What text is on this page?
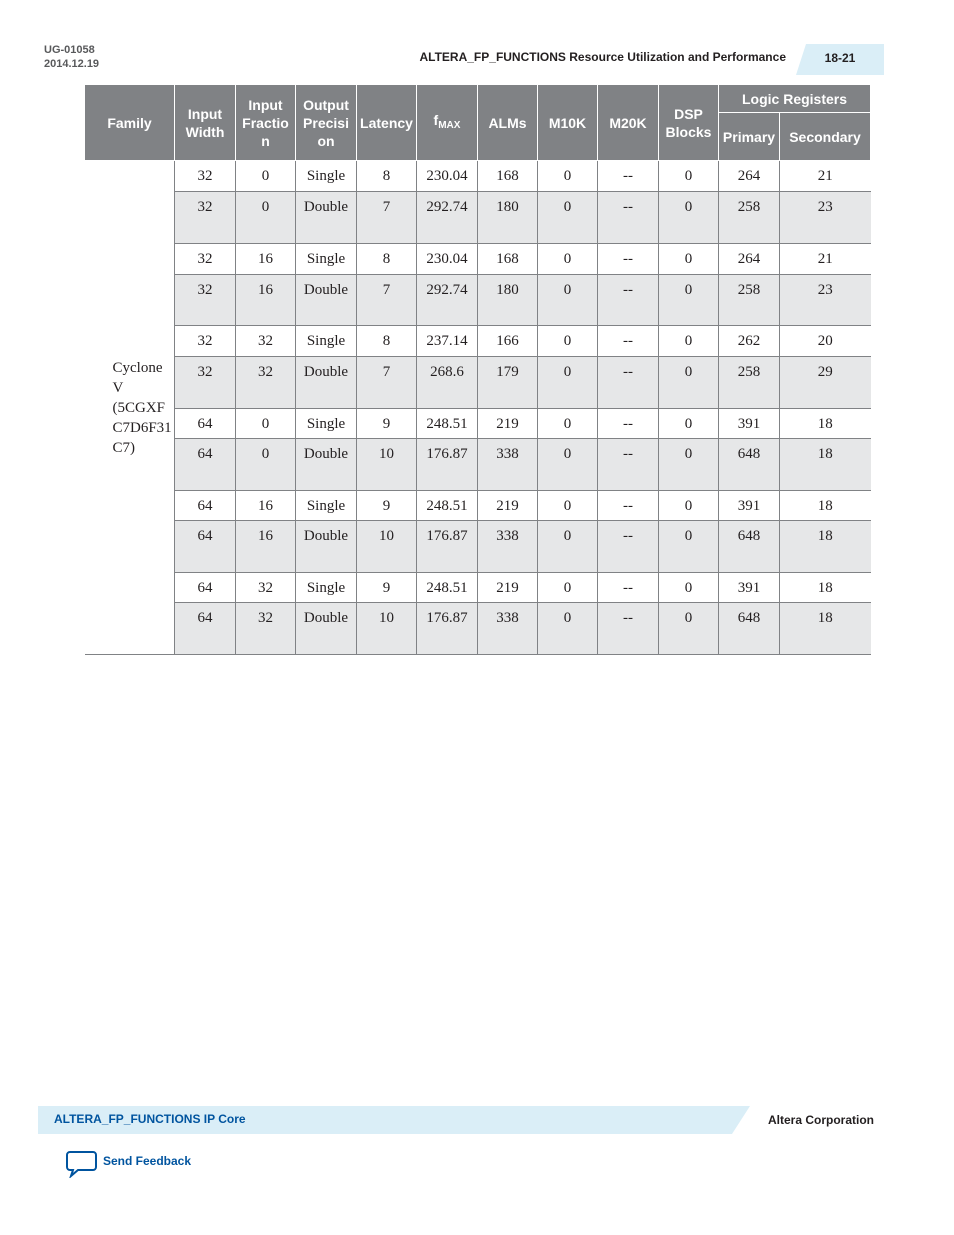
UG-01058
2014.12.19	ALTERA_FP_FUNCTIONS Resource Utilization and Performance	18-21
Family	Input Width	Input Fraction	Output Precision	Latency	$f_{MAX}$	ALMs	M10K	M20K	DSP Blocks	Logic Registers	
										Primary	Secondary
Cyclone V (5CGXFC7D6F31C7)	32	0	Single	8	230.04	168	0	--	0	264	21
	32	0	Double	7	292.74	180	0	--	0	258	23
	32	16	Single	8	230.04	168	0	--	0	264	21
	32	16	Double	7	292.74	180	0	--	0	258	23
	32	32	Single	8	237.14	166	0	--	0	262	20
	32	32	Double	7	268.6	179	0	--	0	258	29
	64	0	Single	9	248.51	219	0	--	0	391	18
	64	0	Double	10	176.87	338	0	--	0	648	18
	64	16	Single	9	248.51	219	0	--	0	391	18
	64	16	Double	10	176.87	338	0	--	0	648	18
	64	32	Single	9	248.51	219	0	--	0	391	18
	64	32	Double	10	176.87	338	0	--	0	648	18
ALTERA_FP_FUNCTIONS IP Core	Altera Corporation
Send Feedback
